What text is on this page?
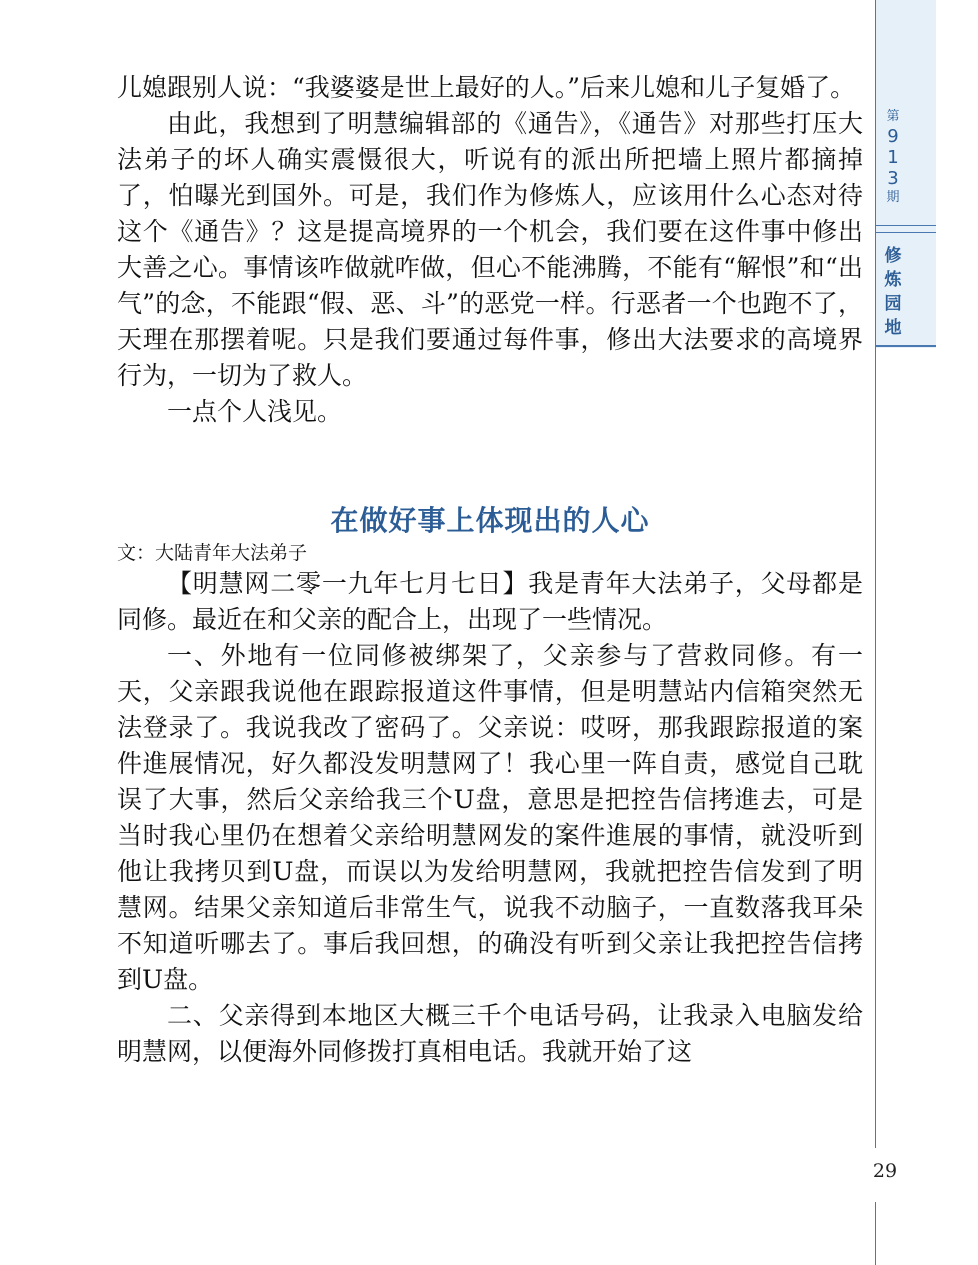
第
9
1
3
期
修
炼
园
地

儿媳跟别人说：“我婆婆是世上最好的人。”后来儿媳和儿子复婚了。

由此，我想到了明慧编辑部的《通告》，《通告》对那些打压大法弟子的坏人确实震慑很大，听说有的派出所把墙上照片都摘掉了，怕曝光到国外。可是，我们作为修炼人，应该用什么心态对待这个《通告》？这是提高境界的一个机会，我们要在这件事中修出大善之心。事情该咋做就咋做，但心不能沸腾，不能有“解恨”和“出气”的念，不能跟“假、恶、斗”的恶党一样。行恶者一个也跑不了，天理在那摆着呢。只是我们要通过每件事，修出大法要求的高境界行为，一切为了救人。

一点个人浅见。

在做好事上体现出的人心

文：大陆青年大法弟子

【明慧网二零一九年七月七日】我是青年大法弟子，父母都是同修。最近在和父亲的配合上，出现了一些情况。

一、外地有一位同修被绑架了，父亲参与了营救同修。有一天，父亲跟我说他在跟踪报道这件事情，但是明慧站内信箱突然无法登录了。我说我改了密码了。父亲说：哎呀，那我跟踪报道的案件進展情况，好久都没发明慧网了！我心里一阵自责，感觉自己耽误了大事，然后父亲给我三个U盘，意思是把控告信拷進去，可是当时我心里仍在想着父亲给明慧网发的案件進展的事情，就没听到他让我拷贝到U盘，而误以为发给明慧网，我就把控告信发到了明慧网。结果父亲知道后非常生气，说我不动脑子，一直数落我耳朵不知道听哪去了。事后我回想，的确没有听到父亲让我把控告信拷到U盘。

二、父亲得到本地区大概三千个电话号码，让我录入电脑发给明慧网，以便海外同修拨打真相电话。我就开始了这

29
